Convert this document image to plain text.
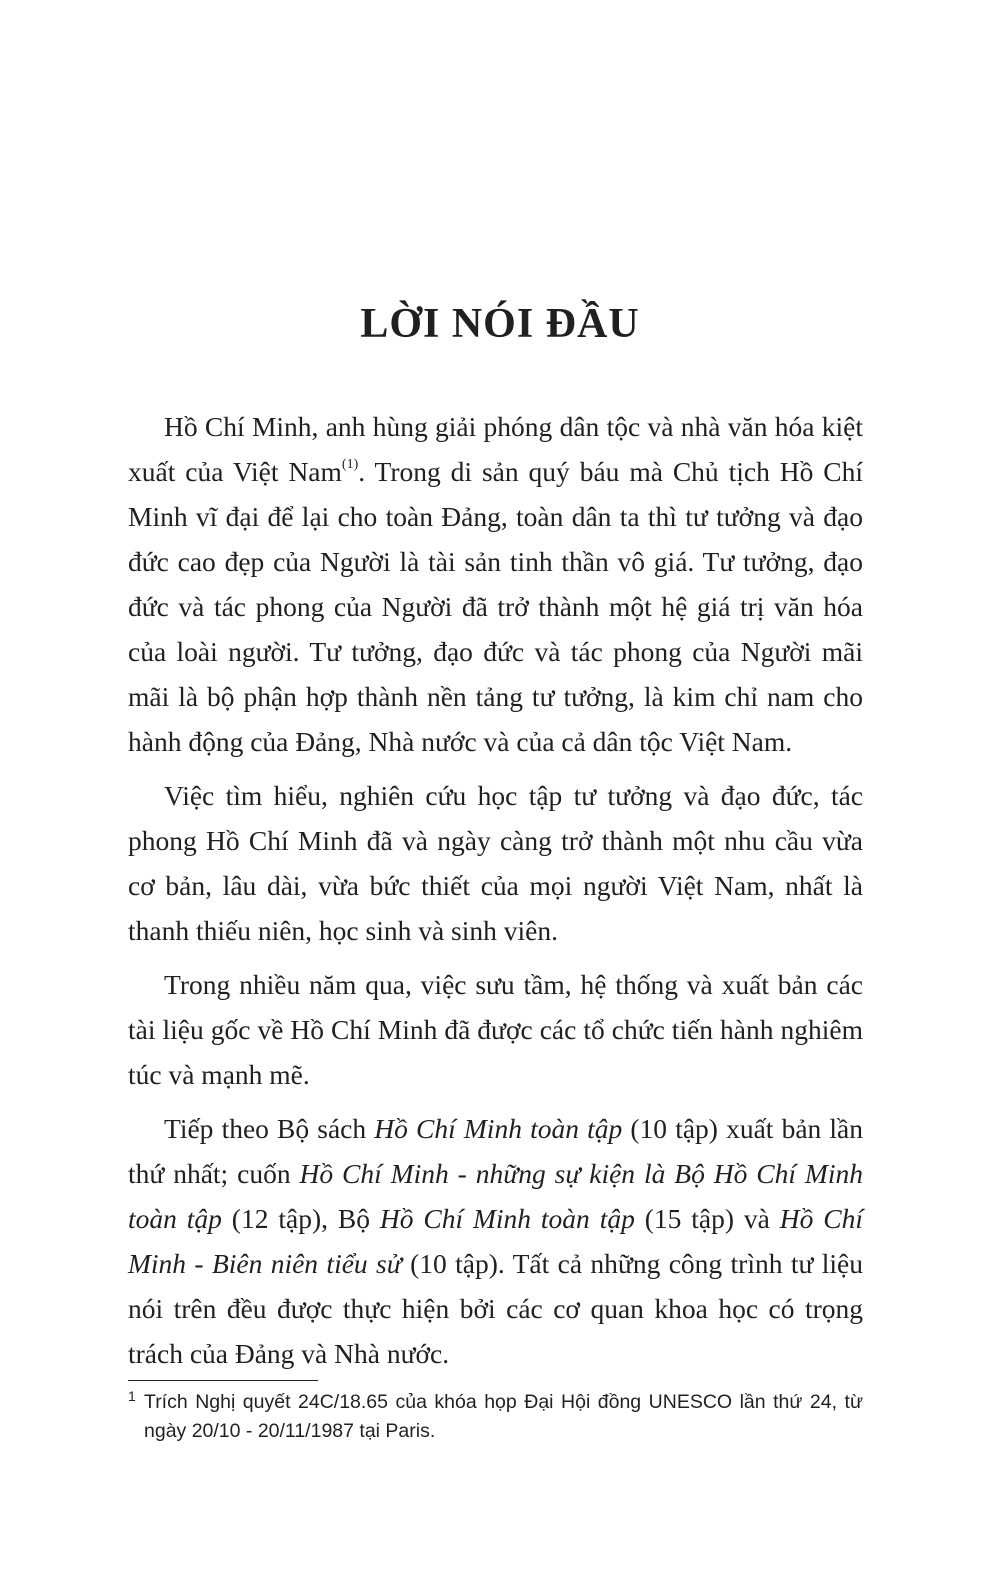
LỜI NÓI ĐẦU

Hồ Chí Minh, anh hùng giải phóng dân tộc và nhà văn hóa kiệt xuất của Việt Nam$^{(1)}$. Trong di sản quý báu mà Chủ tịch Hồ Chí Minh vĩ đại để lại cho toàn Đảng, toàn dân ta thì tư tưởng và đạo đức cao đẹp của Người là tài sản tinh thần vô giá. Tư tưởng, đạo đức và tác phong của Người đã trở thành một hệ giá trị văn hóa của loài người. Tư tưởng, đạo đức và tác phong của Người mãi mãi là bộ phận hợp thành nền tảng tư tưởng, là kim chỉ nam cho hành động của Đảng, Nhà nước và của cả dân tộc Việt Nam.

Việc tìm hiểu, nghiên cứu học tập tư tưởng và đạo đức, tác phong Hồ Chí Minh đã và ngày càng trở thành một nhu cầu vừa cơ bản, lâu dài, vừa bức thiết của mọi người Việt Nam, nhất là thanh thiếu niên, học sinh và sinh viên.

Trong nhiều năm qua, việc sưu tầm, hệ thống và xuất bản các tài liệu gốc về Hồ Chí Minh đã được các tổ chức tiến hành nghiêm túc và mạnh mẽ.

Tiếp theo Bộ sách Hồ Chí Minh toàn tập (10 tập) xuất bản lần thứ nhất; cuốn Hồ Chí Minh - những sự kiện là Bộ Hồ Chí Minh toàn tập (12 tập), Bộ Hồ Chí Minh toàn tập (15 tập) và Hồ Chí Minh - Biên niên tiểu sử (10 tập). Tất cả những công trình tư liệu nói trên đều được thực hiện bởi các cơ quan khoa học có trọng trách của Đảng và Nhà nước.

1 Trích Nghị quyết 24C/18.65 của khóa họp Đại Hội đồng UNESCO lần thứ 24, từ ngày 20/10 - 20/11/1987 tại Paris.
